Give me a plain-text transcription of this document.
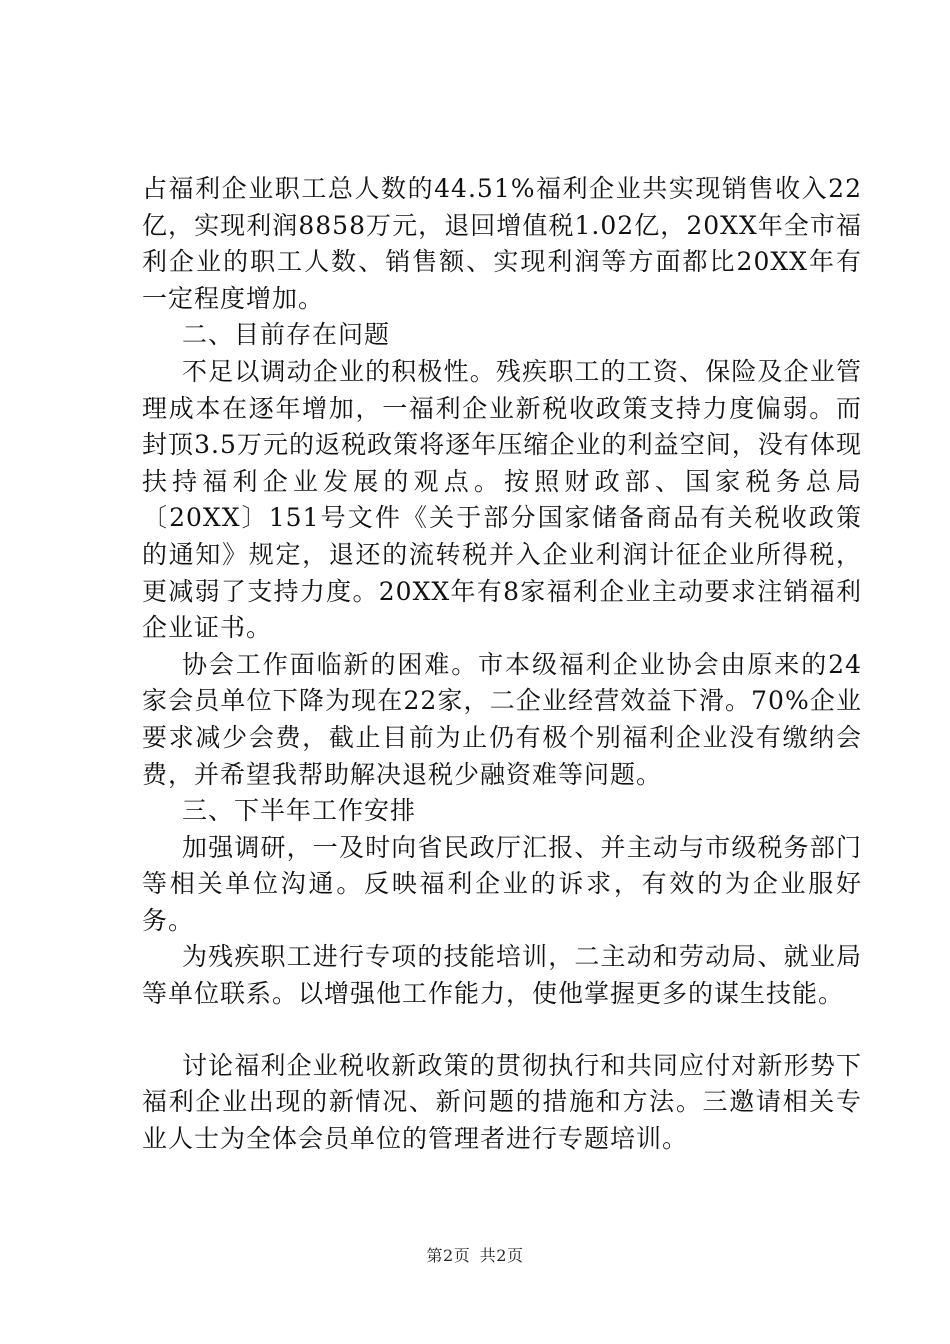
占福利企业职工总人数的44.51%福利企业共实现销售收入22亿，实现利润8858万元，退回增值税1.02亿，20XX年全市福利企业的职工人数、销售额、实现利润等方面都比20XX年有一定程度增加。

二、目前存在问题

不足以调动企业的积极性。残疾职工的工资、保险及企业管理成本在逐年增加，一福利企业新税收政策支持力度偏弱。而封顶3.5万元的返税政策将逐年压缩企业的利益空间，没有体现扶持福利企业发展的观点。按照财政部、国家税务总局〔20XX〕151号文件《关于部分国家储备商品有关税收政策的通知》规定，退还的流转税并入企业利润计征企业所得税，更减弱了支持力度。20XX年有8家福利企业主动要求注销福利企业证书。

协会工作面临新的困难。市本级福利企业协会由原来的24家会员单位下降为现在22家，二企业经营效益下滑。70%企业要求减少会费，截止目前为止仍有极个别福利企业没有缴纳会费，并希望我帮助解决退税少融资难等问题。

三、下半年工作安排

加强调研，一及时向省民政厅汇报、并主动与市级税务部门等相关单位沟通。反映福利企业的诉求，有效的为企业服好务。

为残疾职工进行专项的技能培训，二主动和劳动局、就业局等单位联系。以增强他工作能力，使他掌握更多的谋生技能。

讨论福利企业税收新政策的贯彻执行和共同应付对新形势下福利企业出现的新情况、新问题的措施和方法。三邀请相关专业人士为全体会员单位的管理者进行专题培训。

第2页 共2页
